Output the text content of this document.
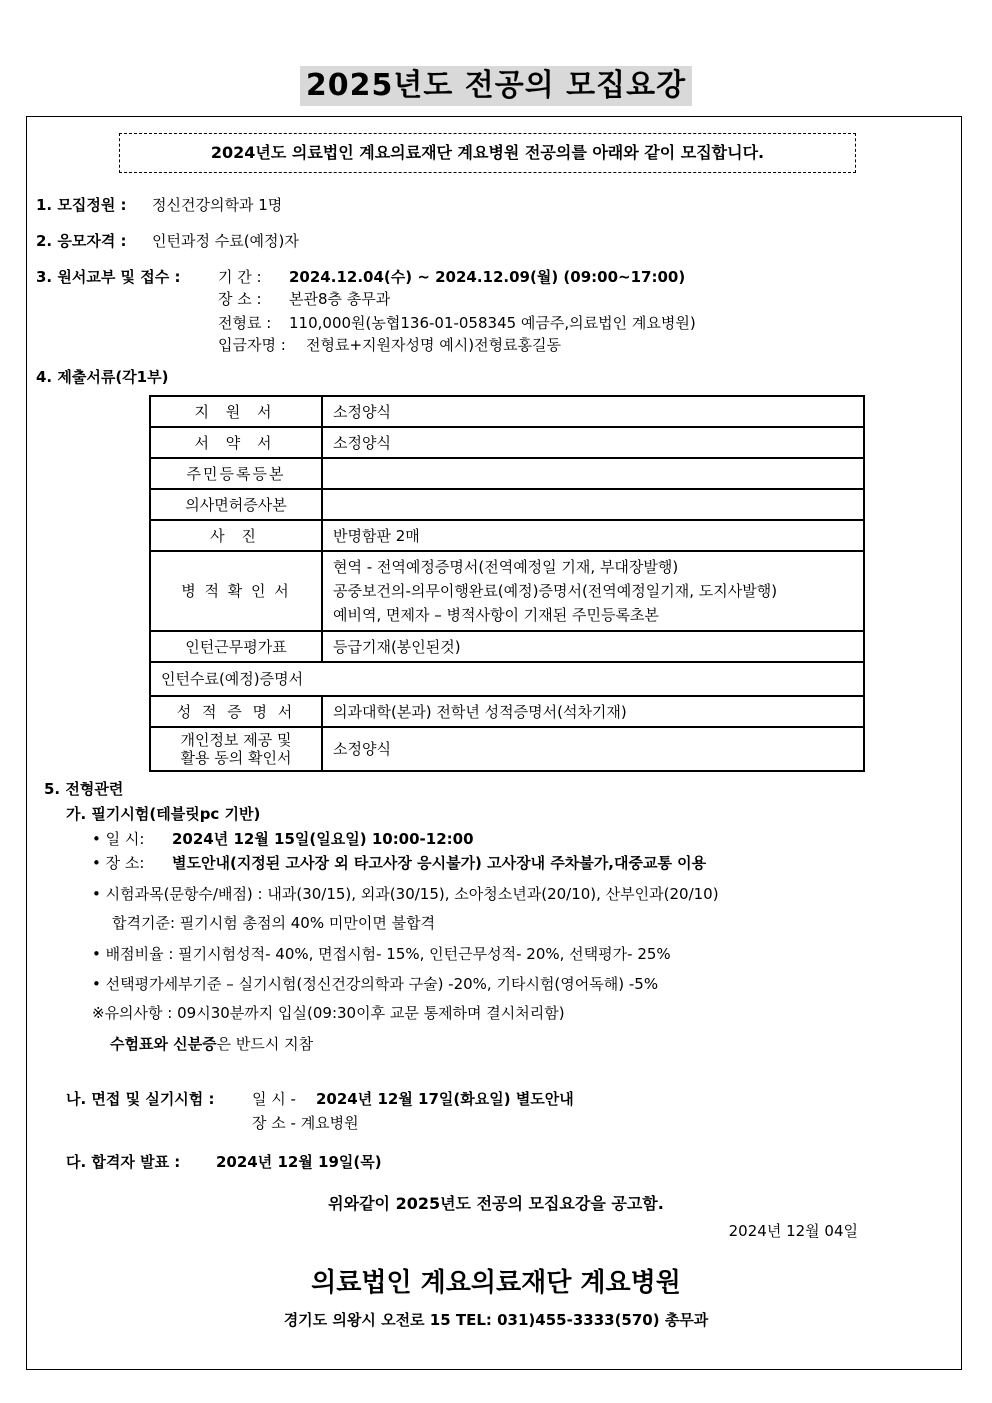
2025년도 전공의 모집요강
2024년도 의료법인 계요의료재단 계요병원 전공의를 아래와 같이 모집합니다.
1. 모집정원 : 정신건강의학과 1명
2. 응모자격 : 인턴과정 수료(예정)자
3. 원서교부 및 접수 :	기 간 : 2024.12.04(수) ~ 2024.12.09(월) (09:00~17:00)
장 소 : 본관8층 총무과
전형료 : 110,000원(농협136-01-058345 예금주,의료법인 계요병원)
입금자명 : 전형료+지원자성명 예시)전형료홍길동
4. 제출서류(각1부)
지 원 서	소정양식
서 약 서	소정양식
주민등록등본	
의사면허증사본	
사 진	반명함판 2매
병 적 확 인 서	현역 - 전역예정증명서(전역예정일 기재, 부대장발행)
공중보건의-의무이행완료(예정)증명서(전역예정일기재, 도지사발행)
예비역, 면제자 – 병적사항이 기재된 주민등록초본

인턴근무평가표	등급기재(봉인된것)
인턴수료(예정)증명서	
성 적 증 명 서	의과대학(본과) 전학년 성적증명서(석차기재)

개인정보 제공 및
활용 동의 확인서	소정양식
5. 전형관련
가. 필기시험(테블릿pc 기반)
• 일 시: 2024년 12월 15일(일요일) 10:00-12:00
• 장 소: 별도안내(지정된 고사장 외 타고사장 응시불가) 고사장내 주차불가,대중교통 이용
• 시험과목(문항수/배점) : 내과(30/15), 외과(30/15), 소아청소년과(20/10), 산부인과(20/10)
합격기준: 필기시험 총점의 40% 미만이면 불합격
• 배점비율 : 필기시험성적- 40%, 면접시험- 15%, 인턴근무성적- 20%, 선택평가- 25%
• 선택평가세부기준 – 실기시험(정신건강의학과 구술) -20%, 기타시험(영어독해) -5%
※유의사항 : 09시30분까지 입실(09:30이후 교문 통제하며 결시처리함)
수험표와 신분증은 반드시 지참
나. 면접 및 실기시험 : 일 시 - 2024년 12월 17일(화요일) 별도안내
장 소 - 계요병원
다. 합격자 발표 : 2024년 12월 19일(목)
위와같이 2025년도 전공의 모집요강을 공고함.
2024년 12월 04일
의료법인 계요의료재단 계요병원
경기도 의왕시 오전로 15 TEL: 031)455-3333(570) 총무과
